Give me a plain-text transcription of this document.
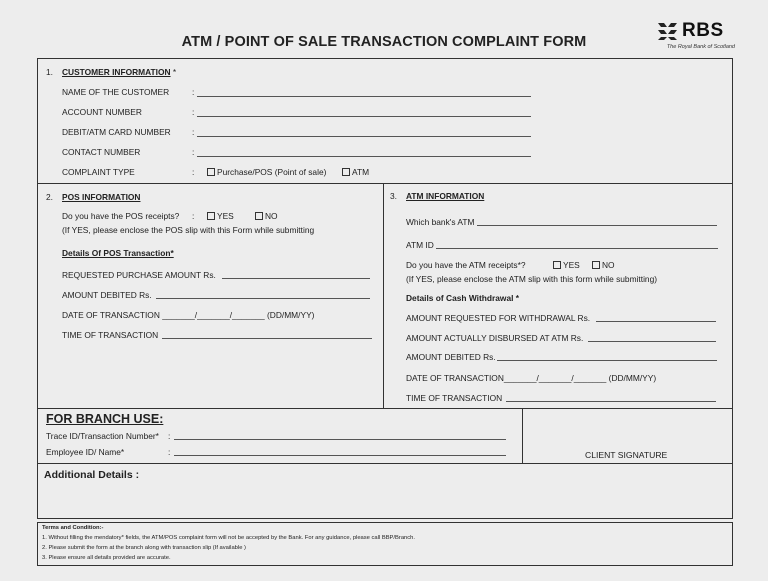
ATM / POINT OF SALE TRANSACTION COMPLAINT FORM
RBS
The Royal Bank of Scotland
1. CUSTOMER INFORMATION *
NAME OF THE CUSTOMER	:
ACCOUNT NUMBER	:
DEBIT/ATM CARD NUMBER	:
CONTACT NUMBER	:
COMPLAINT TYPE	:	Purchase/POS (Point of sale)	ATM
2. POS INFORMATION
Do you have the POS receipts? :	YES	NO
(If YES, please enclose the POS slip with this Form while submitting
Details Of POS Transaction*
REQUESTED PURCHASE AMOUNT Rs.
AMOUNT DEBITED Rs.
DATE OF TRANSACTION _______/_______/_______ (DD/MM/YY)
TIME OF TRANSACTION
3. ATM INFORMATION
Which bank's ATM
ATM ID
Do you have the ATM receipts*?	YES	NO
(If YES, please enclose the ATM slip with this form while submitting)
Details of Cash Withdrawal *
AMOUNT REQUESTED FOR WITHDRAWAL Rs.
AMOUNT ACTUALLY DISBURSED AT ATM Rs.
AMOUNT DEBITED Rs.
DATE OF TRANSACTION_______/_______/_______ (DD/MM/YY)
TIME OF TRANSACTION
FOR BRANCH USE:
Trace ID/Transaction Number* :
Employee ID/ Name*	:	CLIENT SIGNATURE
Additional Details :
Terms and Condition:-
1. Without filling the mendatory* fields, the ATM/POS complaint form will not be accepted by the Bank. For any guidance, please call BBP/Branch.
2. Please submit the form at the branch along with transaction slip (If available )
3. Please ensure all details provided are accurate.
